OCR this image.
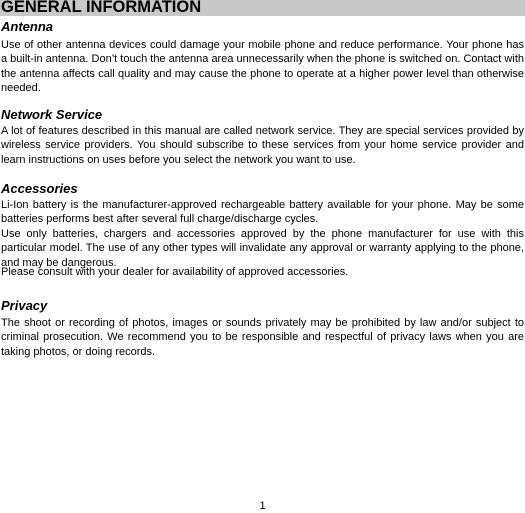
GENERAL INFORMATION
Antenna

Use of other antenna devices could damage your mobile phone and reduce performance. Your phone has a built-in antenna. Don’t touch the antenna area unnecessarily when the phone is switched on. Contact with the antenna affects call quality and may cause the phone to operate at a higher power level than otherwise needed.

Network Service

A lot of features described in this manual are called network service. They are special services provided by wireless service providers. You should subscribe to these services from your home service provider and learn instructions on uses before you select the network you want to use.

Accessories

Li-Ion battery is the manufacturer-approved rechargeable battery available for your phone. May be some batteries performs best after several full charge/discharge cycles.

Use only batteries, chargers and accessories approved by the phone manufacturer for use with this particular model. The use of any other types will invalidate any approval or warranty applying to the phone, and may be dangerous.

Please consult with your dealer for availability of approved accessories.

Privacy

The shoot or recording of photos, images or sounds privately may be prohibited by law and/or subject to criminal prosecution. We recommend you to be responsible and respectful of privacy laws when you are taking photos, or doing records.

1
